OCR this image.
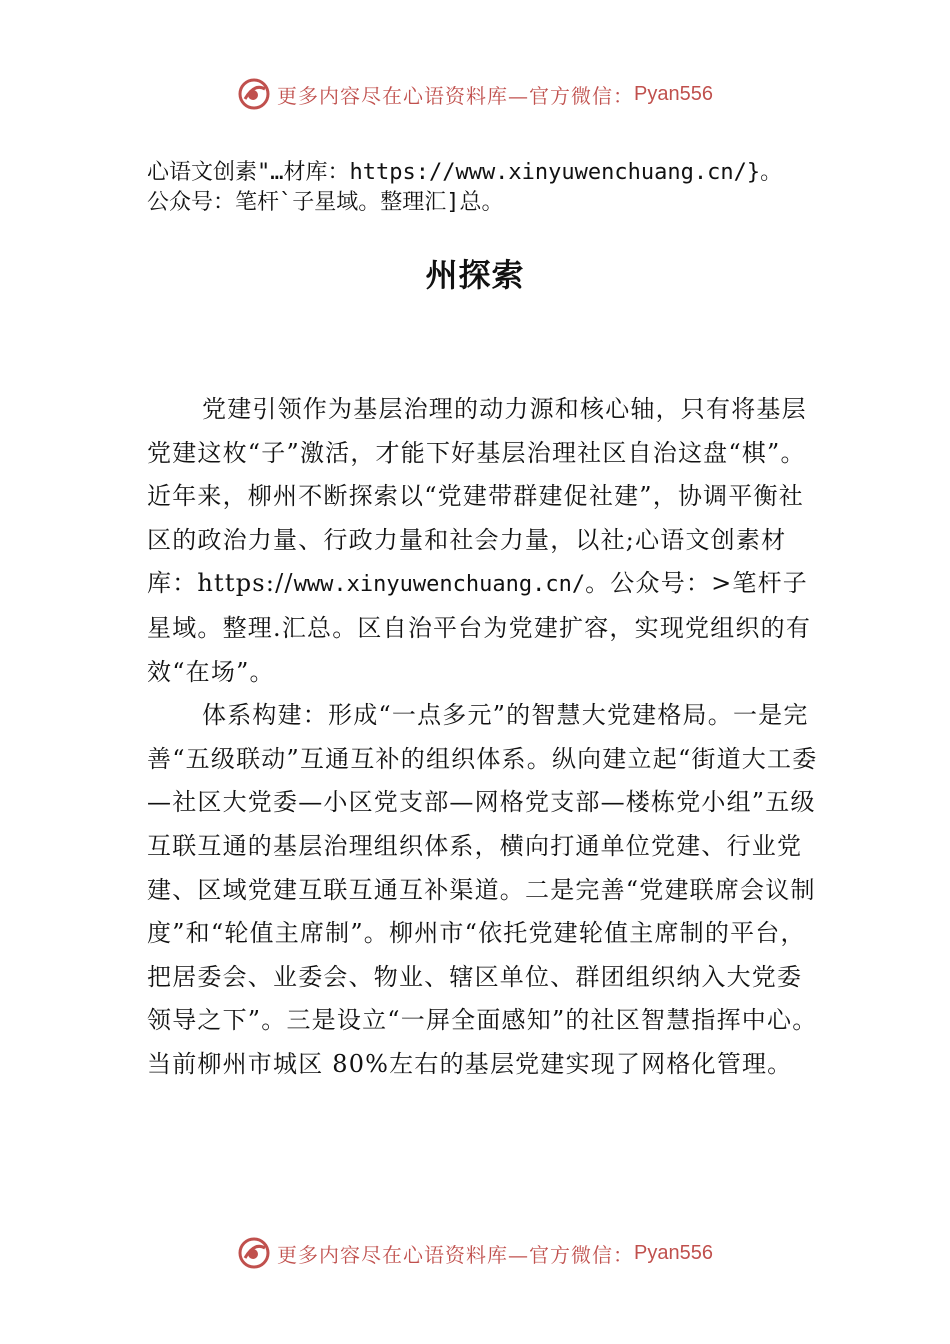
更多内容尽在心语资料库—官方微信： Pyan556
心语文创素"…材库：https://www.xinyuwenchuang.cn/}。
公众号：笔杆`子星域。整理汇]总。
州探索

党建引领作为基层治理的动力源和核心轴，只有将基层党建这枚“子”激活，才能下好基层治理社区自治这盘“棋”。近年来，柳州不断探索以“党建带群建促社建”，协调平衡社区的政治力量、行政力量和社会力量，以社;心语文创素材库：https://www.xinyuwenchuang.cn/。公众号：>笔杆子星域。整理.汇总。区自治平台为党建扩容，实现党组织的有效“在场”。

体系构建：形成“一点多元”的智慧大党建格局。一是完善“五级联动”互通互补的组织体系。纵向建立起“街道大工委—社区大党委—小区党支部—网格党支部—楼栋党小组”五级互联互通的基层治理组织体系，横向打通单位党建、行业党建、区域党建互联互通互补渠道。二是完善“党建联席会议制度”和“轮值主席制”。柳州市“依托党建轮值主席制的平台，把居委会、业委会、物业、辖区单位、群团组织纳入大党委领导之下”。三是设立“一屏全面感知”的社区智慧指挥中心。当前柳州市城区 80%左右的基层党建实现了网格化管理。

更多内容尽在心语资料库—官方微信： Pyan556
